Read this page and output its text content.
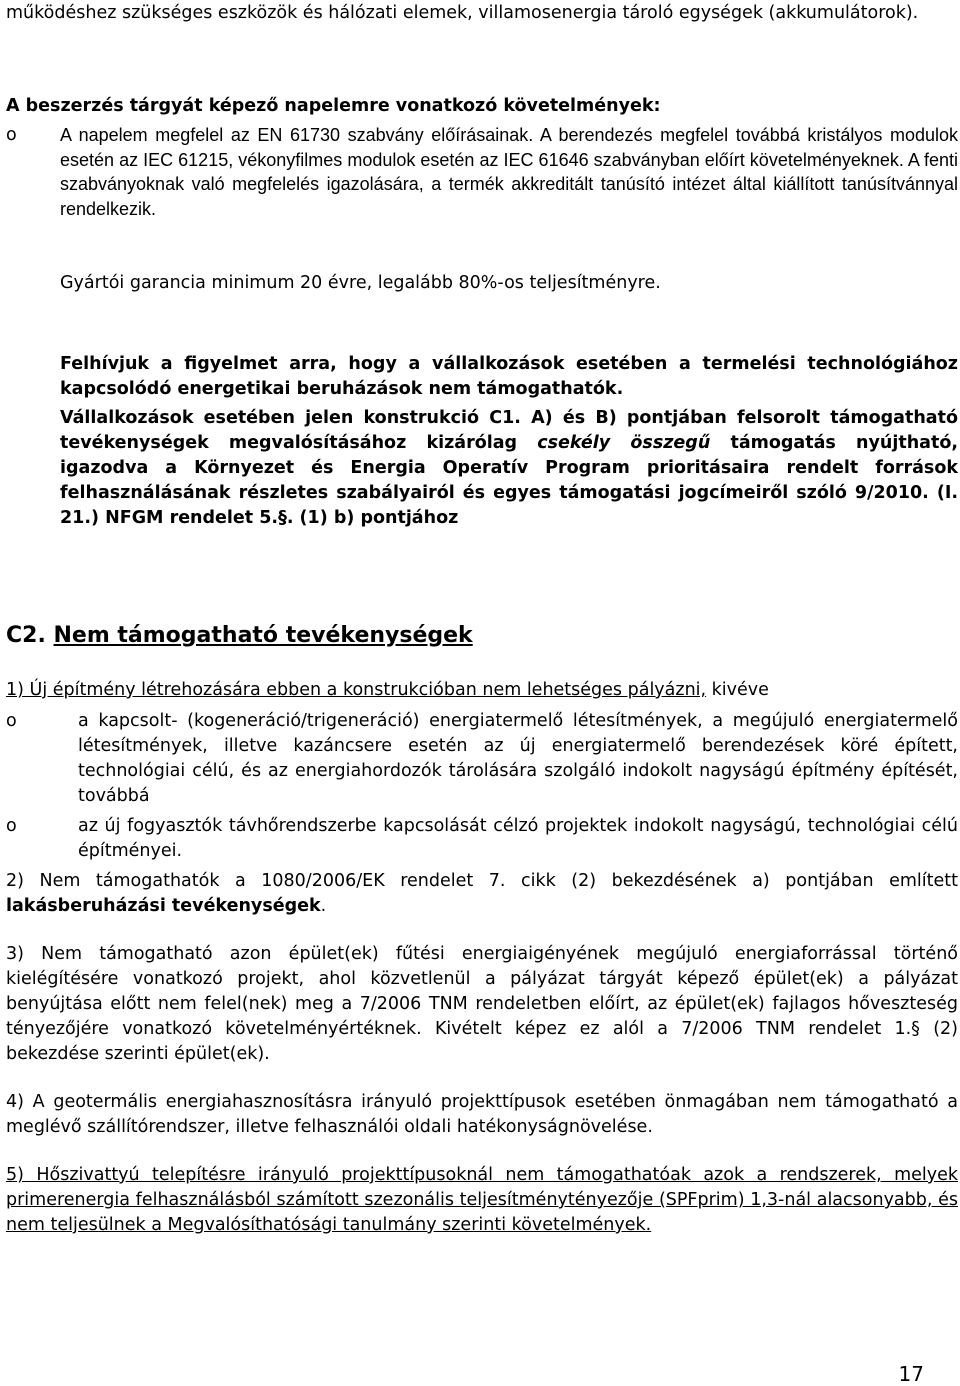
működéshez szükséges eszközök és hálózati elemek, villamosenergia tároló egységek (akkumulátorok).
A beszerzés tárgyát képező napelemre vonatkozó követelmények:
o	A napelem megfelel az EN 61730 szabvány előírásainak. A berendezés megfelel továbbá kristályos modulok esetén az IEC 61215, vékonyfilmes modulok esetén az IEC 61646 szabványban előírt követelményeknek. A fenti szabványoknak való megfelelés igazolására, a termék akkreditált tanúsító intézet által kiállított tanúsítvánnyal rendelkezik.
Gyártói garancia minimum 20 évre, legalább 80%-os teljesítményre.
Felhívjuk a figyelmet arra, hogy a vállalkozások esetében a termelési technológiához kapcsolódó energetikai beruházások nem támogathatók.
Vállalkozások esetében jelen konstrukció C1. A) és B) pontjában felsorolt támogatható tevékenységek megvalósításához kizárólag csekély összegű támogatás nyújtható, igazodva a Környezet és Energia Operatív Program prioritásaira rendelt források felhasználásának részletes szabályairól és egyes támogatási jogcímeiről szóló 9/2010. (I. 21.) NFGM rendelet 5.§. (1) b) pontjához
C2. Nem támogatható tevékenységek
1) Új építmény létrehozására ebben a konstrukcióban nem lehetséges pályázni, kivéve
o	a kapcsolt- (kogeneráció/trigeneráció) energiatermelő létesítmények, a megújuló energiatermelő létesítmények, illetve kazáncsere esetén az új energiatermelő berendezések köré épített, technológiai célú, és az energiahordozók tárolására szolgáló indokolt nagyságú építmény építését, továbbá
o	az új fogyasztók távhőrendszerbe kapcsolását célzó projektek indokolt nagyságú, technológiai célú építményei.
2) Nem támogathatók a 1080/2006/EK rendelet 7. cikk (2) bekezdésének a) pontjában említett lakásberuházási tevékenységek.
3) Nem támogatható azon épület(ek) fűtési energiaigényének megújuló energiaforrással történő kielégítésére vonatkozó projekt, ahol közvetlenül a pályázat tárgyát képező épület(ek) a pályázat benyújtása előtt nem felel(nek) meg a 7/2006 TNM rendeletben előírt, az épület(ek) fajlagos hőveszteség tényezőjére vonatkozó követelményértéknek. Kivételt képez ez alól a 7/2006 TNM rendelet 1.§ (2) bekezdése szerinti épület(ek).
4) A geotermális energiahasznosításra irányuló projekttípusok esetében önmagában nem támogatható a meglévő szállítórendszer, illetve felhasználói oldali hatékonyságnövelése.
5) Hőszivattyú telepítésre irányuló projekttípusoknál nem támogathatóak azok a rendszerek, melyek primerenergia felhasználásból számított szezonális teljesítménytényezője (SPFprim) 1,3-nál alacsonyabb, és nem teljesülnek a Megvalósíthatósági tanulmány szerinti követelmények.
17
